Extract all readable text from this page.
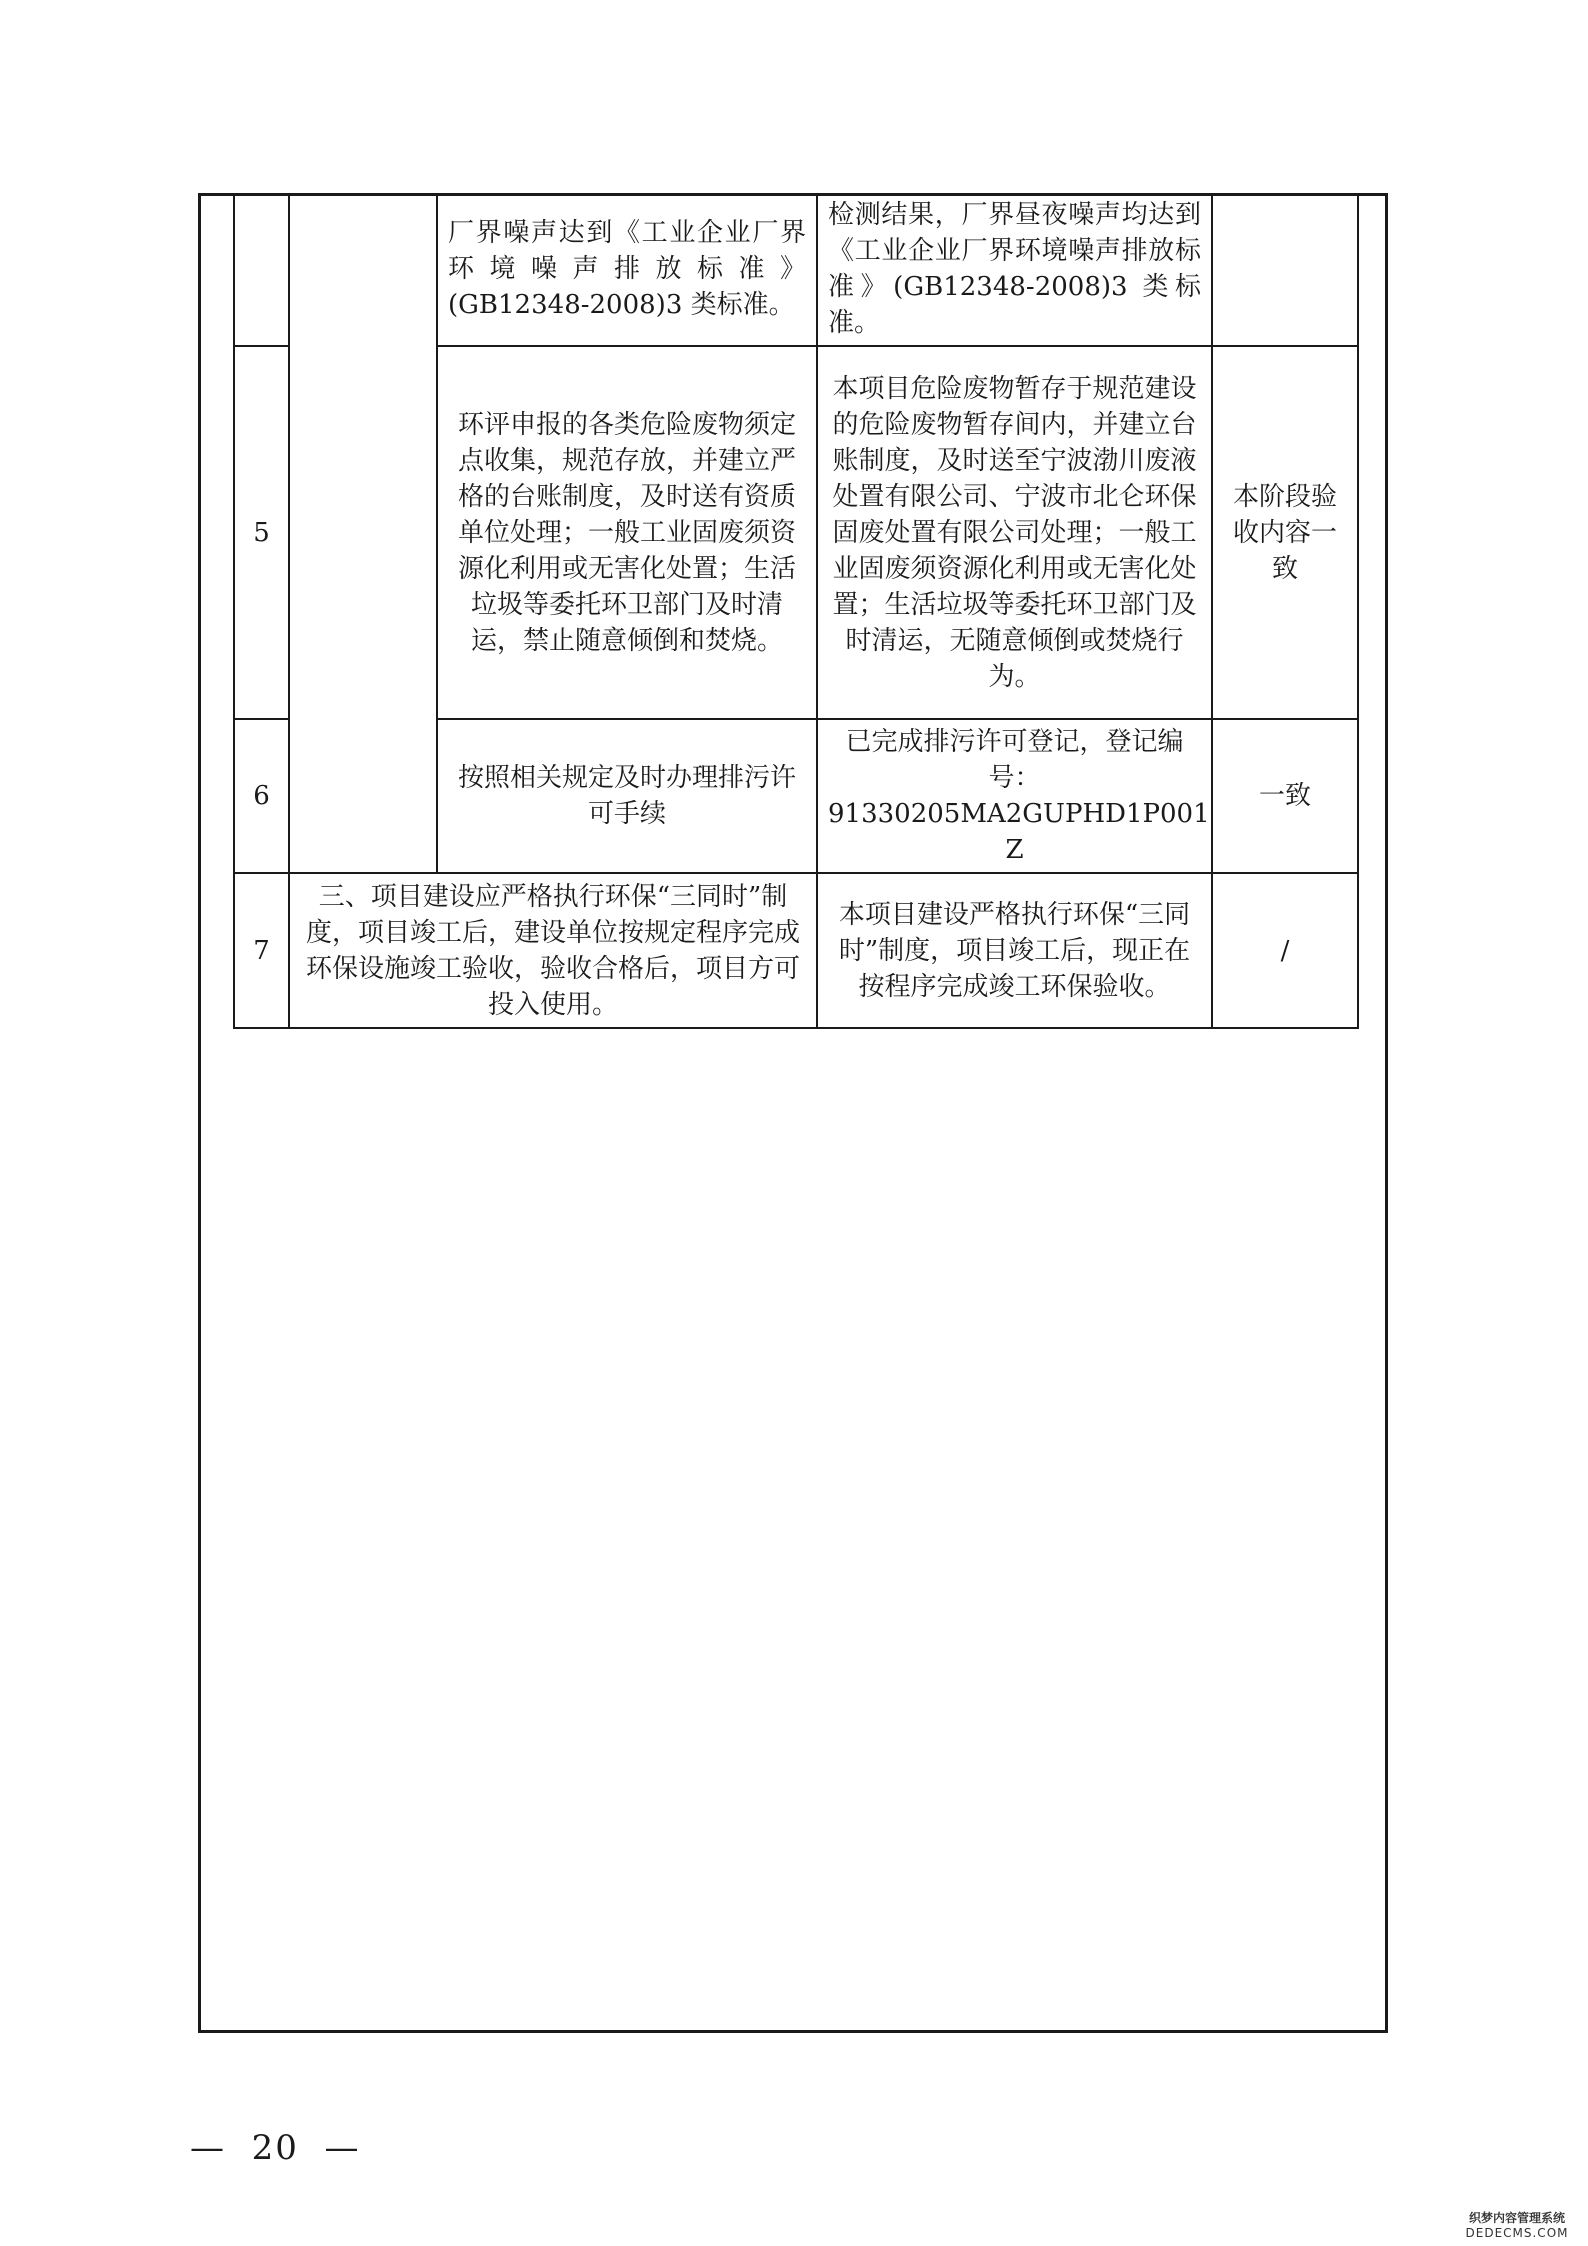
		厂界噪声达到《工业企业厂界环境噪声排放标准》(GB12348-2008)3 类标准。	检测结果，厂界昼夜噪声均达到《工业企业厂界环境噪声排放标准》(GB12348-2008)3 类标准。	
5		环评申报的各类危险废物须定点收集，规范存放，并建立严格的台账制度，及时送有资质单位处理；一般工业固废须资源化利用或无害化处置；生活垃圾等委托环卫部门及时清运，禁止随意倾倒和焚烧。	本项目危险废物暂存于规范建设的危险废物暂存间内，并建立台账制度，及时送至宁波渤川废液处置有限公司、宁波市北仑环保固废处置有限公司处理；一般工业固废须资源化利用或无害化处置；生活垃圾等委托环卫部门及时清运，无随意倾倒或焚烧行为。	本阶段验收内容一致
6		按照相关规定及时办理排污许可手续	已完成排污许可登记，登记编号：
91330205MA2GUPHD1P001
Z	一致
7	三、项目建设应严格执行环保“三同时”制度，项目竣工后，建设单位按规定程序完成环保设施竣工验收，验收合格后，项目方可投入使用。		本项目建设严格执行环保“三同时”制度，项目竣工后，现正在按程序完成竣工环保验收。	/
—  20  —
织梦内容管理系统
DEDECMS.COM
